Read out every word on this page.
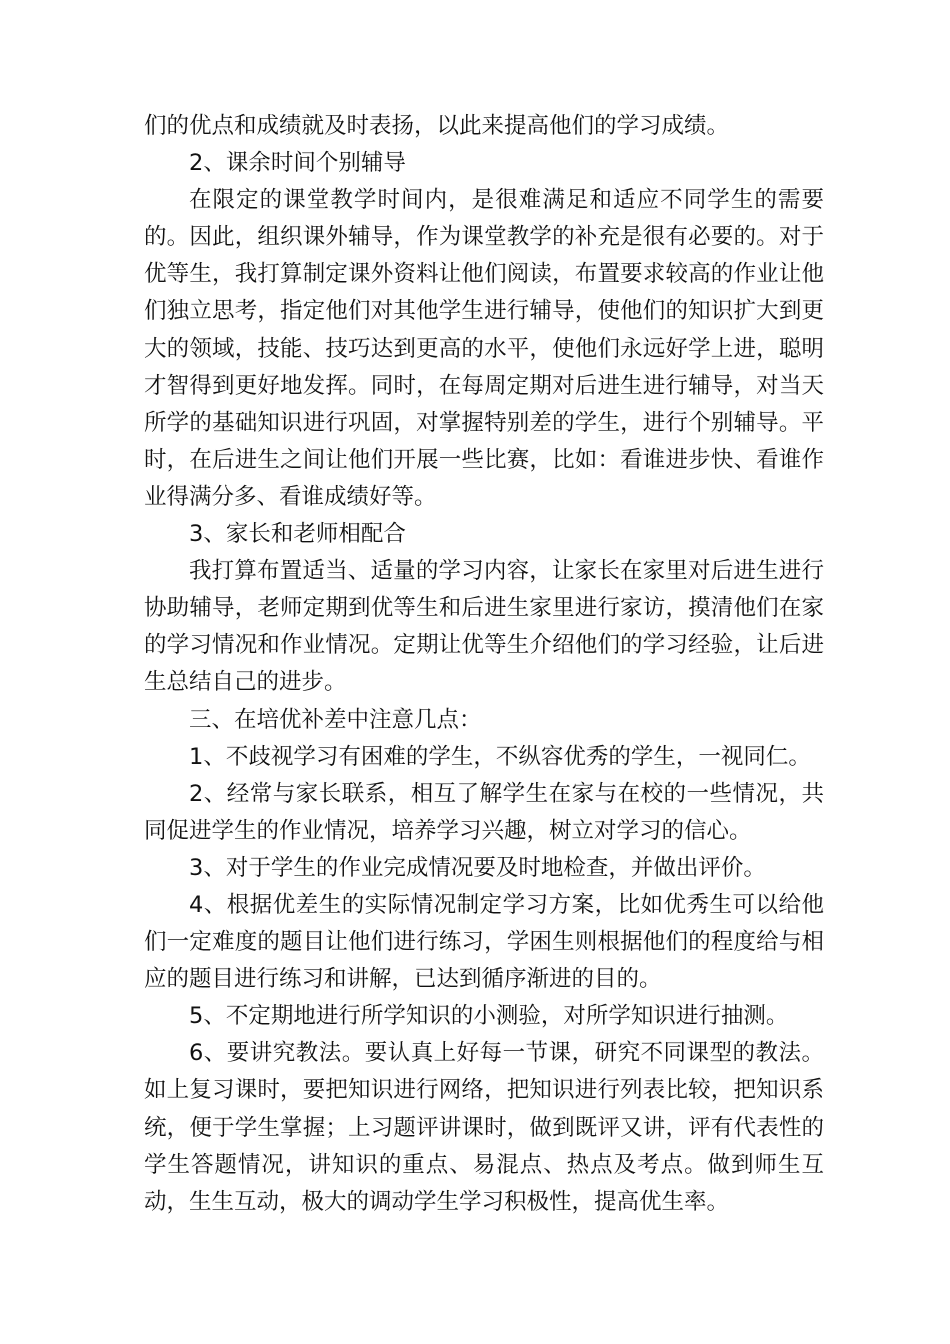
们的优点和成绩就及时表扬，以此来提高他们的学习成绩。

2、课余时间个别辅导

在限定的课堂教学时间内，是很难满足和适应不同学生的需要的。因此，组织课外辅导，作为课堂教学的补充是很有必要的。对于优等生，我打算制定课外资料让他们阅读，布置要求较高的作业让他们独立思考，指定他们对其他学生进行辅导，使他们的知识扩大到更大的领域，技能、技巧达到更高的水平，使他们永远好学上进，聪明才智得到更好地发挥。同时，在每周定期对后进生进行辅导，对当天所学的基础知识进行巩固，对掌握特别差的学生，进行个别辅导。平时，在后进生之间让他们开展一些比赛，比如：看谁进步快、看谁作业得满分多、看谁成绩好等。

3、家长和老师相配合

我打算布置适当、适量的学习内容，让家长在家里对后进生进行协助辅导，老师定期到优等生和后进生家里进行家访，摸清他们在家的学习情况和作业情况。定期让优等生介绍他们的学习经验，让后进生总结自己的进步。

三、在培优补差中注意几点：

1、不歧视学习有困难的学生，不纵容优秀的学生，一视同仁。

2、经常与家长联系，相互了解学生在家与在校的一些情况，共同促进学生的作业情况，培养学习兴趣，树立对学习的信心。

3、对于学生的作业完成情况要及时地检查，并做出评价。

4、根据优差生的实际情况制定学习方案，比如优秀生可以给他们一定难度的题目让他们进行练习，学困生则根据他们的程度给与相应的题目进行练习和讲解，已达到循序渐进的目的。

5、不定期地进行所学知识的小测验，对所学知识进行抽测。

6、要讲究教法。要认真上好每一节课，研究不同课型的教法。如上复习课时，要把知识进行网络，把知识进行列表比较，把知识系统，便于学生掌握；上习题评讲课时，做到既评又讲，评有代表性的学生答题情况，讲知识的重点、易混点、热点及考点。做到师生互动，生生互动，极大的调动学生学习积极性，提高优生率。
